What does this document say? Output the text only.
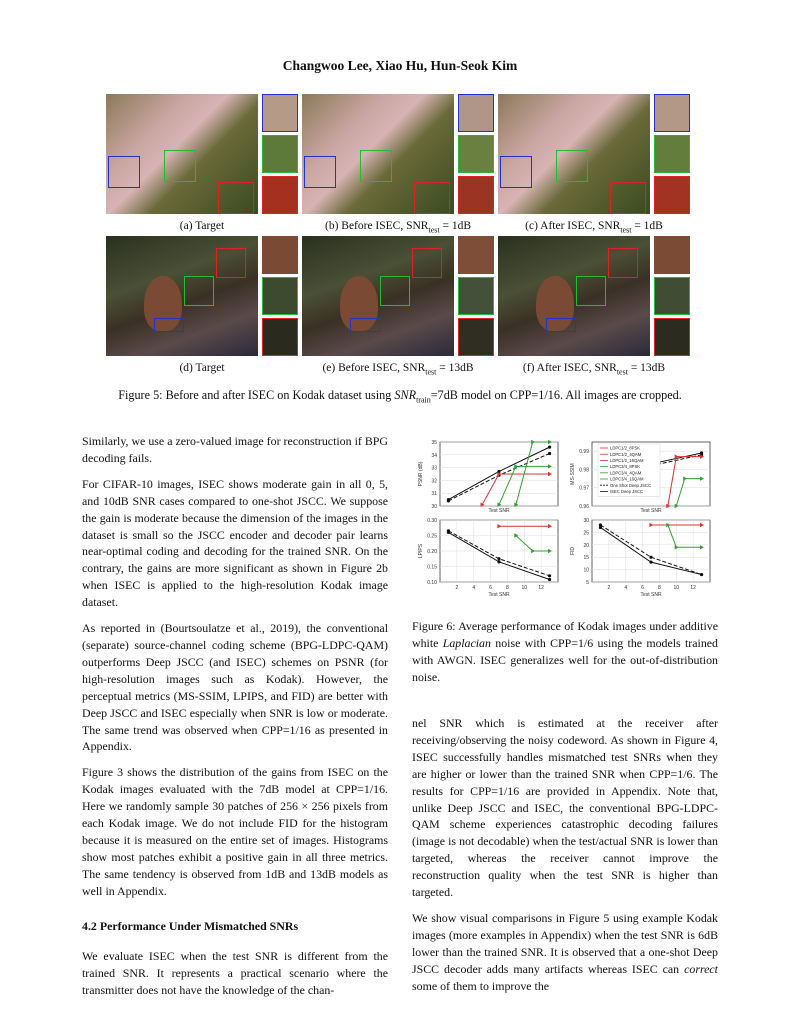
Changwoo Lee, Xiao Hu, Hun-Seok Kim
(a) Target	(b) Before ISEC, $SNR_{test} = 1dB$	(c) After ISEC, $SNR_{test} = 1dB$
(d) Target	(e) Before ISEC, $SNR_{test} = 13dB$	(f) After ISEC, $SNR_{test} = 13dB$
Figure 5: Before and after ISEC on Kodak dataset using $SNR_{train}=7dB$ model on CPP=1/16. All images are cropped.

Similarly, we use a zero-valued image for reconstruction if BPG decoding fails.

For CIFAR-10 images, ISEC shows moderate gain in all 0, 5, and 10dB SNR cases compared to one-shot JSCC. We suppose the gain is moderate because the dimension of the images in the dataset is small so the JSCC encoder and decoder pair learns near-optimal coding and decoding for the trained SNR. On the contrary, the gains are more significant as shown in Figure 2b when ISEC is applied to the high-resolution Kodak image dataset.

As reported in (Bourtsoulatze et al., 2019), the conventional (separate) source-channel coding scheme (BPG-LDPC-QAM) outperforms Deep JSCC (and ISEC) schemes on PSNR (for high-resolution images such as Kodak). However, the perceptual metrics (MS-SSIM, LPIPS, and FID) are better with Deep JSCC and ISEC especially when SNR is low or moderate. The same trend was observed when CPP=1/16 as presented in Appendix.

Figure 3 shows the distribution of the gains from ISEC on the Kodak images evaluated with the 7dB model at CPP=1/16. Here we randomly sample 30 patches of 256 × 256 pixels from each Kodak image. We do not include FID for the histogram because it is measured on the entire set of images. Histograms show most patches exhibit a positive gain in all three metrics. The same tendency is observed from 1dB and 13dB models as well in Appendix.

4.2 Performance Under Mismatched SNRs

We evaluate ISEC when the test SNR is different from the trained SNR. It represents a practical scenario where the transmitter does not have the knowledge of the chan-

30
31
32
33
34
35
Test SNR
PSNR (dB)
0.96
0.97
0.98
0.99
Test SNR
MS-SSIM
LDPC1/2_8PSK
LDPC1/2_4QAM
LDPC1/2_16QAM
LDPC3/4_8PSK
LDPC3/4_4QAM
LDPC3/4_16QAM
One Shot Deep JSCC
ISEC Deep JSCC
0.10
0.15
0.20
0.25
0.30
2	4	6	8	10 12
Test SNR
LPIPS
5
10
15
20
25
30
2	4	6	8	10 12
Test SNR
FID
Figure 6: Average performance of Kodak images under additive white Laplacian noise with CPP=1/6 using the models trained with AWGN. ISEC generalizes well for the out-of-distribution noise.

nel SNR which is estimated at the receiver after receiving/observing the noisy codeword. As shown in Figure 4, ISEC successfully handles mismatched test SNRs when they are higher or lower than the trained SNR when CPP=1/6. The results for CPP=1/16 are provided in Appendix. Note that, unlike Deep JSCC and ISEC, the conventional BPG-LDPC-QAM scheme experiences catastrophic decoding failures (image is not decodable) when the test/actual SNR is lower than targeted, whereas the receiver cannot improve the reconstruction quality when the test SNR is higher than targeted.

We show visual comparisons in Figure 5 using example Kodak images (more examples in Appendix) when the test SNR is 6dB lower than the trained SNR. It is observed that a one-shot Deep JSCC decoder adds many artifacts whereas ISEC can correct some of them to improve the
